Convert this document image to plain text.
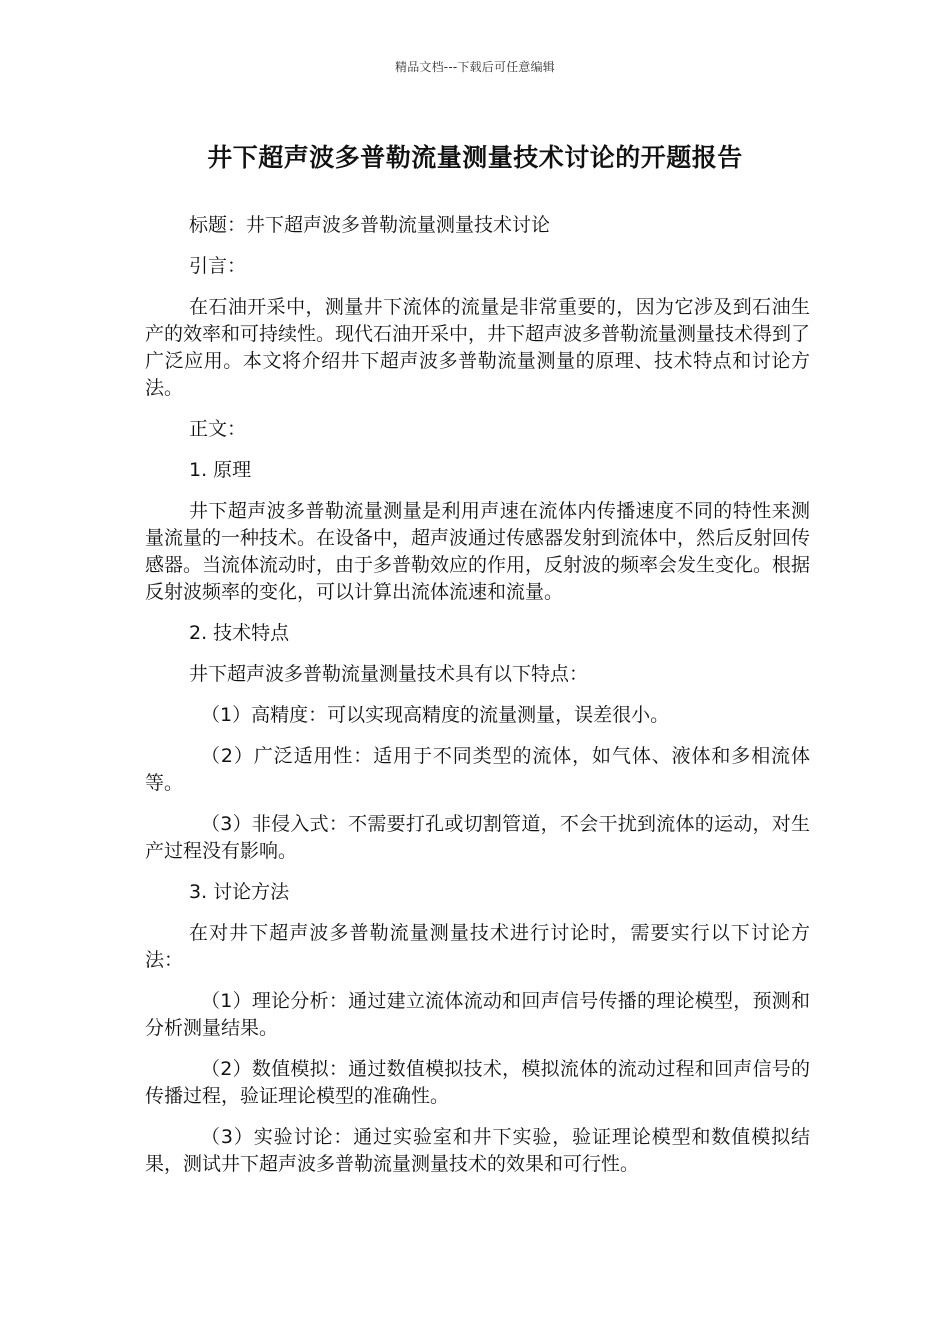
精品文档---下载后可任意编辑
井下超声波多普勒流量测量技术讨论的开题报告

标题：井下超声波多普勒流量测量技术讨论

引言：

在石油开采中，测量井下流体的流量是非常重要的，因为它涉及到石油生产的效率和可持续性。现代石油开采中，井下超声波多普勒流量测量技术得到了广泛应用。本文将介绍井下超声波多普勒流量测量的原理、技术特点和讨论方法。

正文：

1. 原理

井下超声波多普勒流量测量是利用声速在流体内传播速度不同的特性来测量流量的一种技术。在设备中，超声波通过传感器发射到流体中，然后反射回传感器。当流体流动时，由于多普勒效应的作用，反射波的频率会发生变化。根据反射波频率的变化，可以计算出流体流速和流量。

2. 技术特点

井下超声波多普勒流量测量技术具有以下特点：

（1）高精度：可以实现高精度的流量测量，误差很小。

（2）广泛适用性：适用于不同类型的流体，如气体、液体和多相流体等。

（3）非侵入式：不需要打孔或切割管道，不会干扰到流体的运动，对生产过程没有影响。

3. 讨论方法

在对井下超声波多普勒流量测量技术进行讨论时，需要实行以下讨论方法：

（1）理论分析：通过建立流体流动和回声信号传播的理论模型，预测和分析测量结果。

（2）数值模拟：通过数值模拟技术，模拟流体的流动过程和回声信号的传播过程，验证理论模型的准确性。

（3）实验讨论：通过实验室和井下实验，验证理论模型和数值模拟结果，测试井下超声波多普勒流量测量技术的效果和可行性。
